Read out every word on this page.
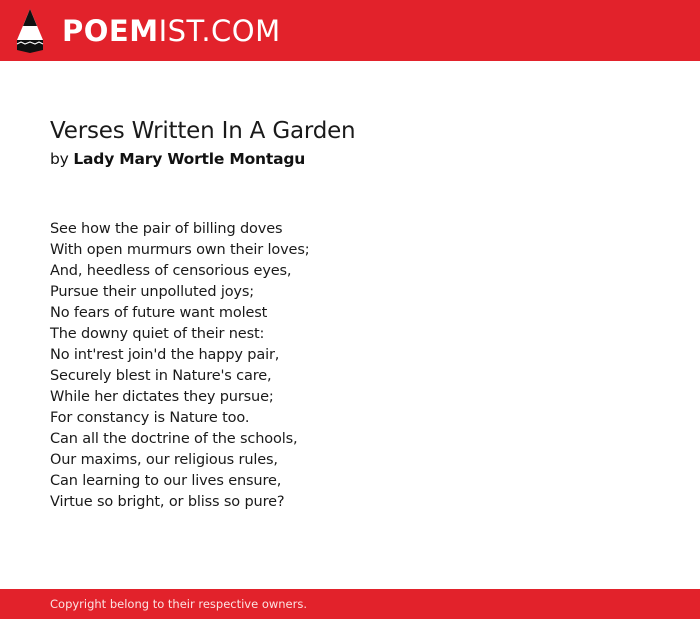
POEMIST.COM
Verses Written In A Garden
by Lady Mary Wortle Montagu
See how the pair of billing doves
With open murmurs own their loves;
And, heedless of censorious eyes,
Pursue their unpolluted joys;
No fears of future want molest
The downy quiet of their nest:
No int'rest join'd the happy pair,
Securely blest in Nature's care,
While her dictates they pursue;
For constancy is Nature too.
Can all the doctrine of the schools,
Our maxims, our religious rules,
Can learning to our lives ensure,
Virtue so bright, or bliss so pure?
Copyright belong to their respective owners.
